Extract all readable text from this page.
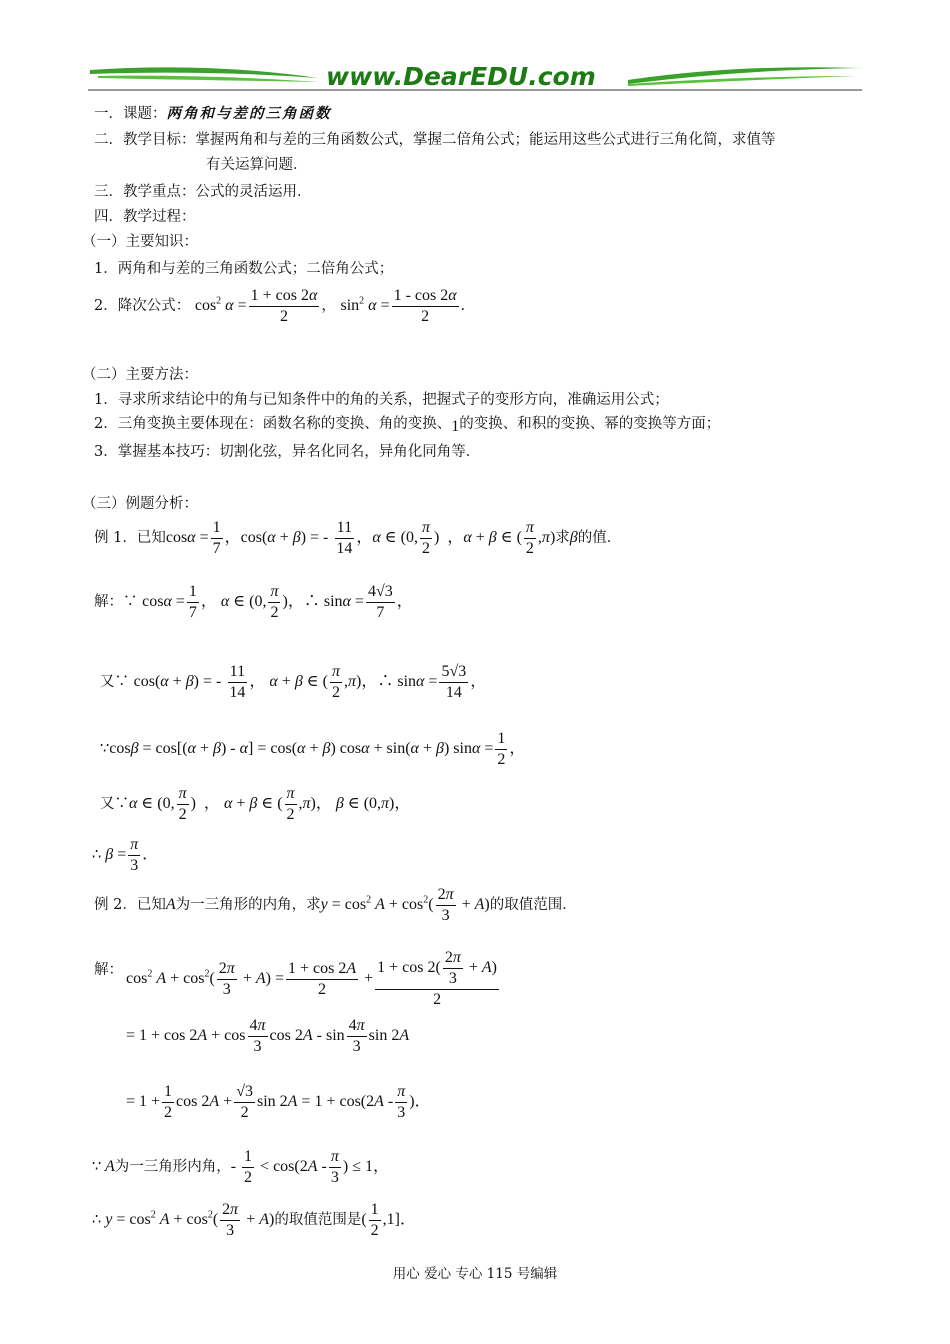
www.DearEDU.com
一．课题：两角和与差的三角函数
二．教学目标：掌握两角和与差的三角函数公式，掌握二倍角公式；能运用这些公式进行三角化简，求值等
有关运算问题．
三．教学重点：公式的灵活运用．
四．教学过程：
（一）主要知识：
1．两角和与差的三角函数公式；二倍角公式；
2．降次公式： $\cos^2 \alpha = \frac{1 + \cos 2\alpha}{2}$ ， $\sin^2 \alpha = \frac{1 - \cos 2\alpha}{2}$ ．
（二）主要方法：
1．寻求所求结论中的角与已知条件中的角的关系，把握式子的变形方向，准确运用公式；
2．三角变换主要体现在：函数名称的变换、角的变换、1的变换、和积的变换、幂的变换等方面；
3．掌握基本技巧：切割化弦，异名化同名，异角化同角等．
（三）例题分析：
例 1．已知$\cos\alpha = \frac{1}{7}$ ，cos(α + β) = - $\frac{11}{14}$ ，α ∈ (0, $\frac{\pi}{2}$ )  ，α + β ∈ ( $\frac{\pi}{2} ,\pi$)求β的值．
解：∵ $\cos\alpha = \frac{1}{7}$ ， α ∈ (0, $\frac{\pi}{2}$ )，∴ $\sin\alpha = \frac{4√3}{7}$ ，
又∵ cos(α + β) = - $\frac{11}{14}$ ， α + β ∈ ( $\frac{\pi}{2} ,\pi$)，∴ $\sin\alpha = \frac{5√3}{14}$ ，
∵cosβ = cos[(α + β) - α] = cos(α + β) cosα + sin(α + β) $\sin\alpha = \frac{1}{2}$ ，
又∵α ∈ (0, $\frac{\pi}{2}$ )  ， α + β ∈ ( $\frac{\pi}{2} ,\pi$)， β ∈ (0,π)，
∴ $\beta = \frac{\pi}{3}$ ．
例 2．已知A为一三角形的内角，求$y = \cos^2 A + \cos^2( \frac{2\pi}{3} + A)$的取值范围．
解： $\cos^2 A + \cos^2( \frac{2\pi}{3} + A) = \frac{1 + \cos 2A}{2} + \frac{1 + \cos 2( \frac{2\pi}{3} + A)}{2}$
= $1 + \cos 2A + \cos \frac{4\pi}{3}$ $\cos 2A - \sin \frac{4\pi}{3}$ sin 2A
= $1 + \frac{1}{2}$ $\cos 2A + \frac{√3}{2}$ $\sin 2A = 1 + \cos(2A - \frac{\pi}{3}$ )．
∵ A为一三角形内角，- $\frac{1}{2} < \cos(2A - \frac{\pi}{3}$ ) ≤ 1，
∴ $y = \cos^2 A + \cos^2( \frac{2\pi}{3} + A)$的取值范围是( $\frac{1}{2} ,1$]．
用心 爱心 专心 115 号编辑
